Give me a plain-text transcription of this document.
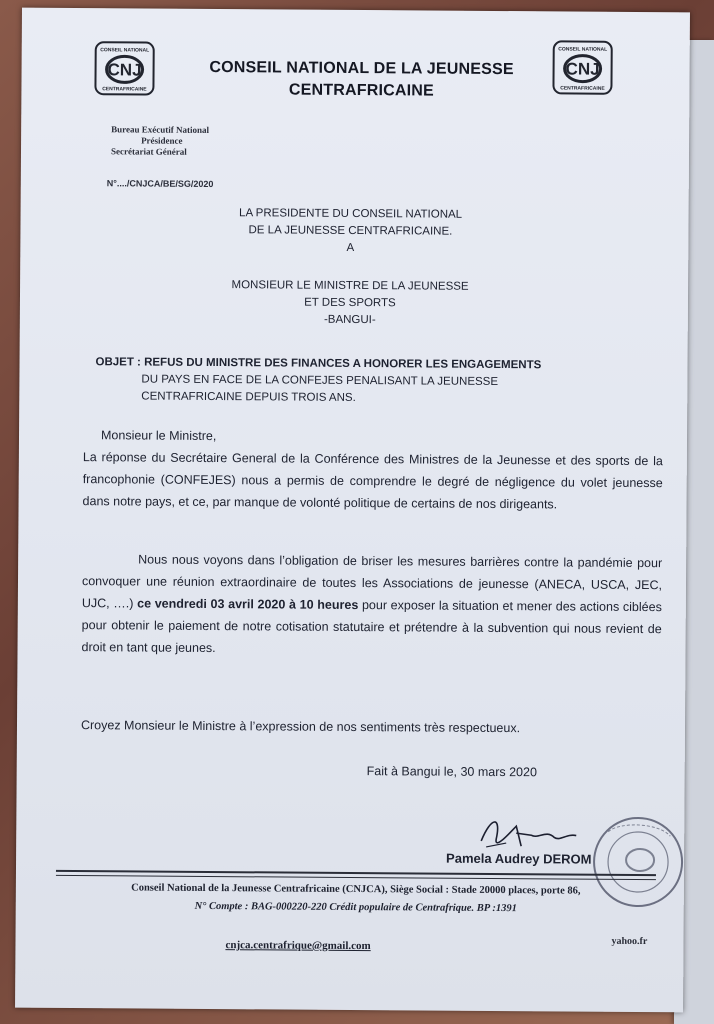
CONSEIL NATIONAL
CNJ
CENTRAFRICAINE
CONSEIL NATIONAL DE LA JEUNESSE
CENTRAFRICAINE
CONSEIL NATIONAL
CNJ
CENTRAFRICAINE
Bureau Exécutif National
Présidence
Secrétariat Général
N°..../CNJCA/BE/SG/2020
LA PRESIDENTE DU CONSEIL NATIONAL
DE LA JEUNESSE CENTRAFRICAINE.
A
MONSIEUR LE MINISTRE DE LA JEUNESSE
ET DES SPORTS
-BANGUI-
OBJET : REFUS DU MINISTRE DES FINANCES A HONORER LES ENGAGEMENTS
DU PAYS EN FACE DE LA CONFEJES PENALISANT LA JEUNESSE
CENTRAFRICAINE DEPUIS TROIS ANS.
Monsieur le Ministre,
La réponse du Secrétaire General de la Conférence des Ministres de la Jeunesse et des sports de la francophonie (CONFEJES) nous a permis de comprendre le degré de négligence du volet jeunesse dans notre pays, et ce, par manque de volonté politique de certains de nos dirigeants.
Nous nous voyons dans l’obligation de briser les mesures barrières contre la pandémie pour convoquer une réunion extraordinaire de toutes les Associations de jeunesse (ANECA, USCA, JEC, UJC, ….) ce vendredi 03 avril 2020 à 10 heures pour exposer la situation et mener des actions ciblées pour obtenir le paiement de notre cotisation statutaire et prétendre à la subvention qui nous revient de droit en tant que jeunes.
Croyez Monsieur le Ministre à l’expression de nos sentiments très respectueux.
Fait à Bangui le, 30 mars 2020
Pamela Audrey DEROM
Conseil National de la Jeunesse Centrafricaine (CNJCA), Siège Social : Stade 20000 places, porte 86,
N° Compte : BAG-000220-220 Crédit populaire de Centrafrique. BP :1391
cnjca.centrafrique@gmail.com	yahoo.fr
